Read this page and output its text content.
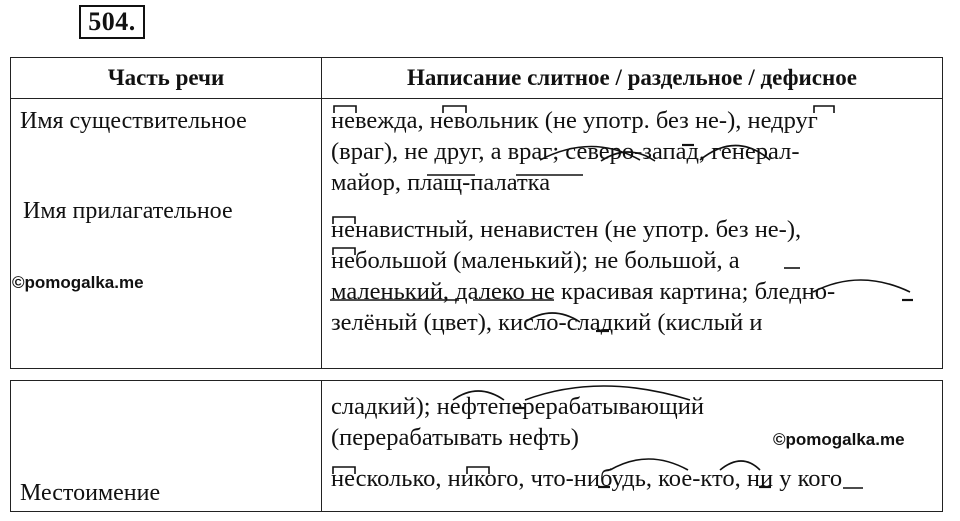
504.
Часть речи	Написание слитное / раздельное / дефисное
Имя существительное
Имя прилагательное
невежда, невольник (не употр. без не-), недруг
(враг), не друг, а враг; северо-запад, генерал-
майор, плащ-палатка
ненавистный, ненавистен (не употр. без не-),
небольшой (маленький); не большой, а
маленький, далеко не красивая картина; бледно-
зелёный (цвет), кисло-сладкий (кислый и
Местоимение
сладкий); нефтеперерабатывающий
(перерабатывать нефть)
несколько, никого, что-нибудь, кое-кто, ни у кого
©pomogalka.me
©pomogalka.me
